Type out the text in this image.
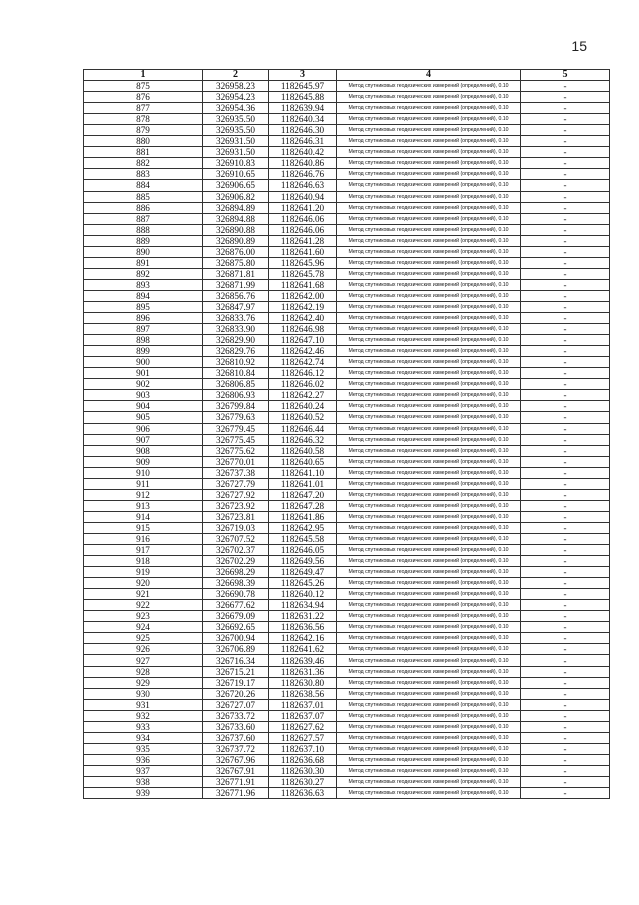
15
1	2	3	4	5
875	326958.23	1182645.97	Метод спутниковых геодезических измерений (определений), 0.10	-
876	326954.23	1182645.88	Метод спутниковых геодезических измерений (определений), 0.10	-
877	326954.36	1182639.94	Метод спутниковых геодезических измерений (определений), 0.10	-
878	326935.50	1182640.34	Метод спутниковых геодезических измерений (определений), 0.10	-
879	326935.50	1182646.30	Метод спутниковых геодезических измерений (определений), 0.10	-
880	326931.50	1182646.31	Метод спутниковых геодезических измерений (определений), 0.10	-
881	326931.50	1182640.42	Метод спутниковых геодезических измерений (определений), 0.10	-
882	326910.83	1182640.86	Метод спутниковых геодезических измерений (определений), 0.10	-
883	326910.65	1182646.76	Метод спутниковых геодезических измерений (определений), 0.10	-
884	326906.65	1182646.63	Метод спутниковых геодезических измерений (определений), 0.10	-
885	326906.82	1182640.94	Метод спутниковых геодезических измерений (определений), 0.10	-
886	326894.89	1182641.20	Метод спутниковых геодезических измерений (определений), 0.10	-
887	326894.88	1182646.06	Метод спутниковых геодезических измерений (определений), 0.10	-
888	326890.88	1182646.06	Метод спутниковых геодезических измерений (определений), 0.10	-
889	326890.89	1182641.28	Метод спутниковых геодезических измерений (определений), 0.10	-
890	326876.00	1182641.60	Метод спутниковых геодезических измерений (определений), 0.10	-
891	326875.80	1182645.96	Метод спутниковых геодезических измерений (определений), 0.10	-
892	326871.81	1182645.78	Метод спутниковых геодезических измерений (определений), 0.10	-
893	326871.99	1182641.68	Метод спутниковых геодезических измерений (определений), 0.10	-
894	326856.76	1182642.00	Метод спутниковых геодезических измерений (определений), 0.10	-
895	326847.97	1182642.19	Метод спутниковых геодезических измерений (определений), 0.10	-
896	326833.76	1182642.40	Метод спутниковых геодезических измерений (определений), 0.10	-
897	326833.90	1182646.98	Метод спутниковых геодезических измерений (определений), 0.10	-
898	326829.90	1182647.10	Метод спутниковых геодезических измерений (определений), 0.10	-
899	326829.76	1182642.46	Метод спутниковых геодезических измерений (определений), 0.10	-
900	326810.92	1182642.74	Метод спутниковых геодезических измерений (определений), 0.10	-
901	326810.84	1182646.12	Метод спутниковых геодезических измерений (определений), 0.10	-
902	326806.85	1182646.02	Метод спутниковых геодезических измерений (определений), 0.10	-
903	326806.93	1182642.27	Метод спутниковых геодезических измерений (определений), 0.10	-
904	326799.84	1182640.24	Метод спутниковых геодезических измерений (определений), 0.10	-
905	326779.63	1182640.52	Метод спутниковых геодезических измерений (определений), 0.10	-
906	326779.45	1182646.44	Метод спутниковых геодезических измерений (определений), 0.10	-
907	326775.45	1182646.32	Метод спутниковых геодезических измерений (определений), 0.10	-
908	326775.62	1182640.58	Метод спутниковых геодезических измерений (определений), 0.10	-
909	326770.01	1182640.65	Метод спутниковых геодезических измерений (определений), 0.10	-
910	326737.38	1182641.10	Метод спутниковых геодезических измерений (определений), 0.10	-
911	326727.79	1182641.01	Метод спутниковых геодезических измерений (определений), 0.10	-
912	326727.92	1182647.20	Метод спутниковых геодезических измерений (определений), 0.10	-
913	326723.92	1182647.28	Метод спутниковых геодезических измерений (определений), 0.10	-
914	326723.81	1182641.86	Метод спутниковых геодезических измерений (определений), 0.10	-
915	326719.03	1182642.95	Метод спутниковых геодезических измерений (определений), 0.10	-
916	326707.52	1182645.58	Метод спутниковых геодезических измерений (определений), 0.10	-
917	326702.37	1182646.05	Метод спутниковых геодезических измерений (определений), 0.10	-
918	326702.29	1182649.56	Метод спутниковых геодезических измерений (определений), 0.10	-
919	326698.29	1182649.47	Метод спутниковых геодезических измерений (определений), 0.10	-
920	326698.39	1182645.26	Метод спутниковых геодезических измерений (определений), 0.10	-
921	326690.78	1182640.12	Метод спутниковых геодезических измерений (определений), 0.10	-
922	326677.62	1182634.94	Метод спутниковых геодезических измерений (определений), 0.10	-
923	326679.09	1182631.22	Метод спутниковых геодезических измерений (определений), 0.10	-
924	326692.65	1182636.56	Метод спутниковых геодезических измерений (определений), 0.10	-
925	326700.94	1182642.16	Метод спутниковых геодезических измерений (определений), 0.10	-
926	326706.89	1182641.62	Метод спутниковых геодезических измерений (определений), 0.10	-
927	326716.34	1182639.46	Метод спутниковых геодезических измерений (определений), 0.10	-
928	326715.21	1182631.36	Метод спутниковых геодезических измерений (определений), 0.10	-
929	326719.17	1182630.80	Метод спутниковых геодезических измерений (определений), 0.10	-
930	326720.26	1182638.56	Метод спутниковых геодезических измерений (определений), 0.10	-
931	326727.07	1182637.01	Метод спутниковых геодезических измерений (определений), 0.10	-
932	326733.72	1182637.07	Метод спутниковых геодезических измерений (определений), 0.10	-
933	326733.60	1182627.62	Метод спутниковых геодезических измерений (определений), 0.10	-
934	326737.60	1182627.57	Метод спутниковых геодезических измерений (определений), 0.10	-
935	326737.72	1182637.10	Метод спутниковых геодезических измерений (определений), 0.10	-
936	326767.96	1182636.68	Метод спутниковых геодезических измерений (определений), 0.10	-
937	326767.91	1182630.30	Метод спутниковых геодезических измерений (определений), 0.10	-
938	326771.91	1182630.27	Метод спутниковых геодезических измерений (определений), 0.10	-
939	326771.96	1182636.63	Метод спутниковых геодезических измерений (определений), 0.10	-
